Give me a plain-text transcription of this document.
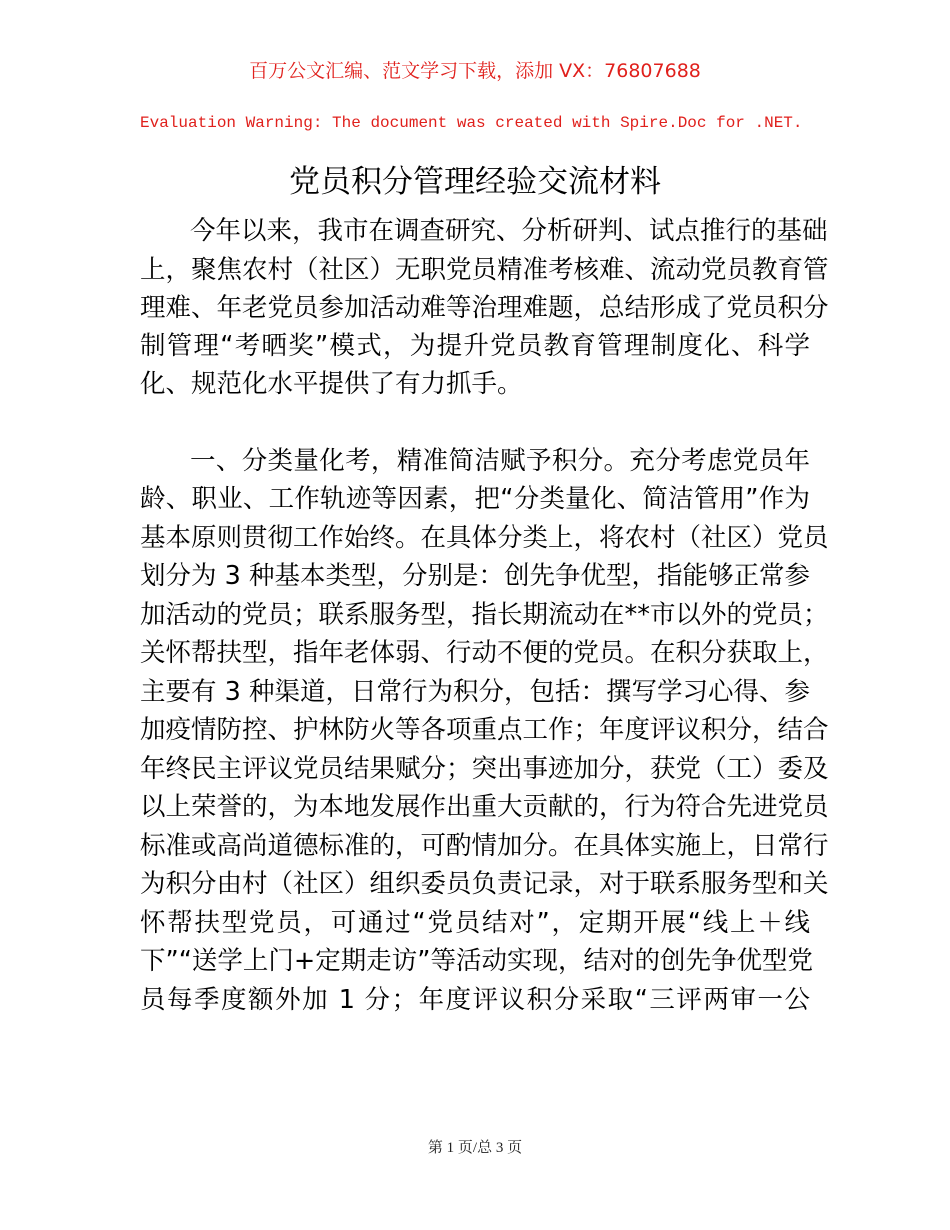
百万公文汇编、范文学习下载，添加 VX：76807688
Evaluation Warning: The document was created with Spire.Doc for .NET.
党员积分管理经验交流材料
今年以来，我市在调查研究、分析研判、试点推行的基础
上，聚焦农村（社区）无职党员精准考核难、流动党员教育管
理难、年老党员参加活动难等治理难题，总结形成了党员积分
制管理“考晒奖”模式，为提升党员教育管理制度化、科学
化、规范化水平提供了有力抓手。
一、分类量化考，精准简洁赋予积分。充分考虑党员年
龄、职业、工作轨迹等因素，把“分类量化、简洁管用”作为
基本原则贯彻工作始终。在具体分类上，将农村（社区）党员
划分为 3 种基本类型，分别是：创先争优型，指能够正常参
加活动的党员；联系服务型，指长期流动在**市以外的党员；
关怀帮扶型，指年老体弱、行动不便的党员。在积分获取上，
主要有 3 种渠道，日常行为积分，包括：撰写学习心得、参
加疫情防控、护林防火等各项重点工作；年度评议积分，结合
年终民主评议党员结果赋分；突出事迹加分，获党（工）委及
以上荣誉的，为本地发展作出重大贡献的，行为符合先进党员
标准或高尚道德标准的，可酌情加分。在具体实施上，日常行
为积分由村（社区）组织委员负责记录，对于联系服务型和关
怀帮扶型党员，可通过“党员结对”，定期开展“线上＋线
下”“送学上门+定期走访”等活动实现，结对的创先争优型党
员每季度额外加 1 分；年度评议积分采取“三评两审一公
第 1 页/总 3 页
